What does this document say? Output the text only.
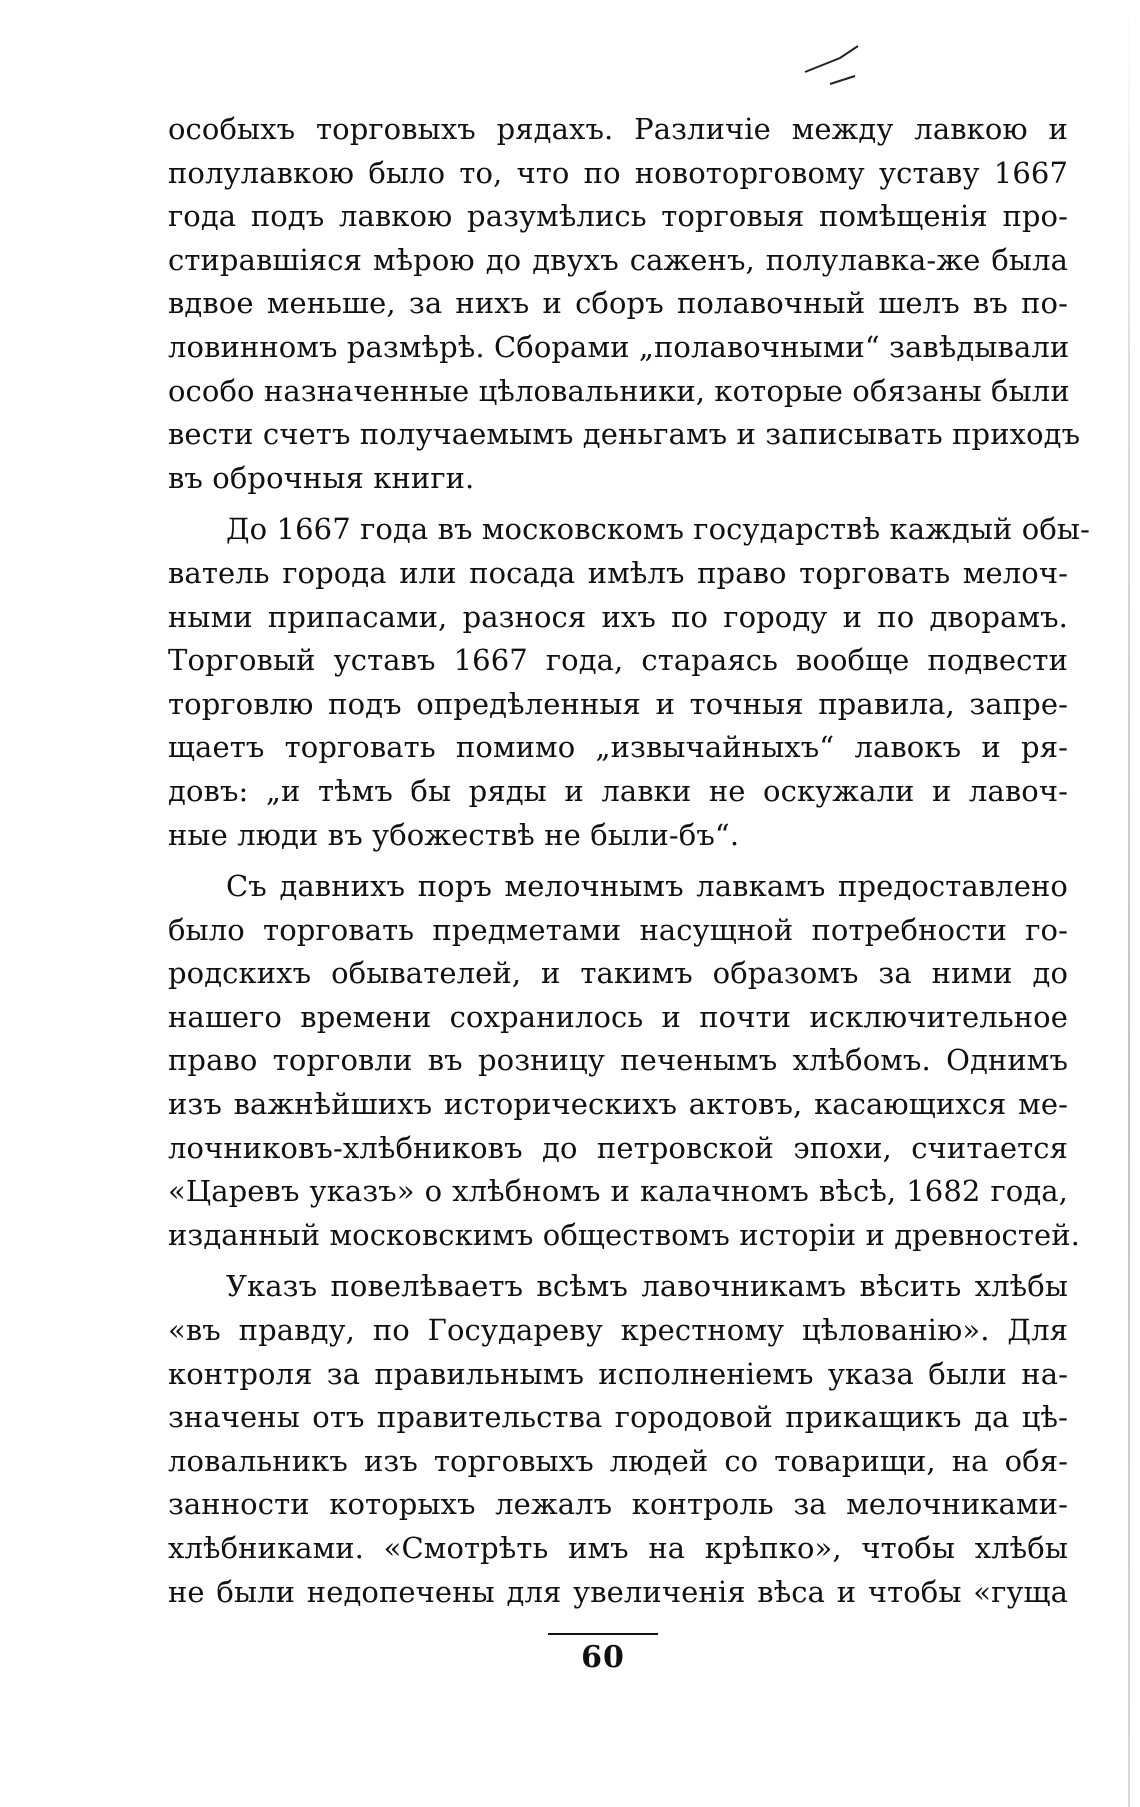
особыхъ торговыхъ рядахъ. Различіе между лавкою и
полулавкою было то, что по новоторговому уставу 1667
года подъ лавкою разумѣлись торговыя помѣщенія про-
стиравшіяся мѣрою до двухъ саженъ, полулавка-же была
вдвое меньше, за нихъ и сборъ полавочный шелъ въ по-
ловинномъ размѣрѣ. Сборами „полавочными“ завѣдывали
особо назначенные цѣловальники, которые обязаны были
вести счетъ получаемымъ деньгамъ и записывать приходъ
въ оброчныя книги.
До 1667 года въ московскомъ государствѣ каждый обы-
ватель города или посада имѣлъ право торговать мелоч-
ными припасами, разнося ихъ по городу и по дворамъ.
Торговый уставъ 1667 года, стараясь вообще подвести
торговлю подъ опредѣленныя и точныя правила, запре-
щаетъ торговать помимо „извычайныхъ“ лавокъ и ря-
довъ: „и тѣмъ бы ряды и лавки не оскужали и лавоч-
ные люди въ убожествѣ не были-бъ“.
Съ давнихъ поръ мелочнымъ лавкамъ предоставлено
было торговать предметами насущной потребности го-
родскихъ обывателей, и такимъ образомъ за ними до
нашего времени сохранилось и почти исключительное
право торговли въ розницу печенымъ хлѣбомъ. Однимъ
изъ важнѣйшихъ историческихъ актовъ, касающихся ме-
лочниковъ-хлѣбниковъ до петровской эпохи, считается
«Царевъ указъ» о хлѣбномъ и калачномъ вѣсѣ, 1682 года,
изданный московскимъ обществомъ исторіи и древностей.
Указъ повелѣваетъ всѣмъ лавочникамъ вѣсить хлѣбы
«въ правду, по Государеву крестному цѣлованію». Для
контроля за правильнымъ исполненіемъ указа были на-
значены отъ правительства городовой прикащикъ да цѣ-
ловальникъ изъ торговыхъ людей со товарищи, на обя-
занности которыхъ лежалъ контроль за мелочниками-
хлѣбниками. «Смотрѣть имъ на крѣпко», чтобы хлѣбы
не были недопечены для увеличенія вѣса и чтобы «гуща
60
